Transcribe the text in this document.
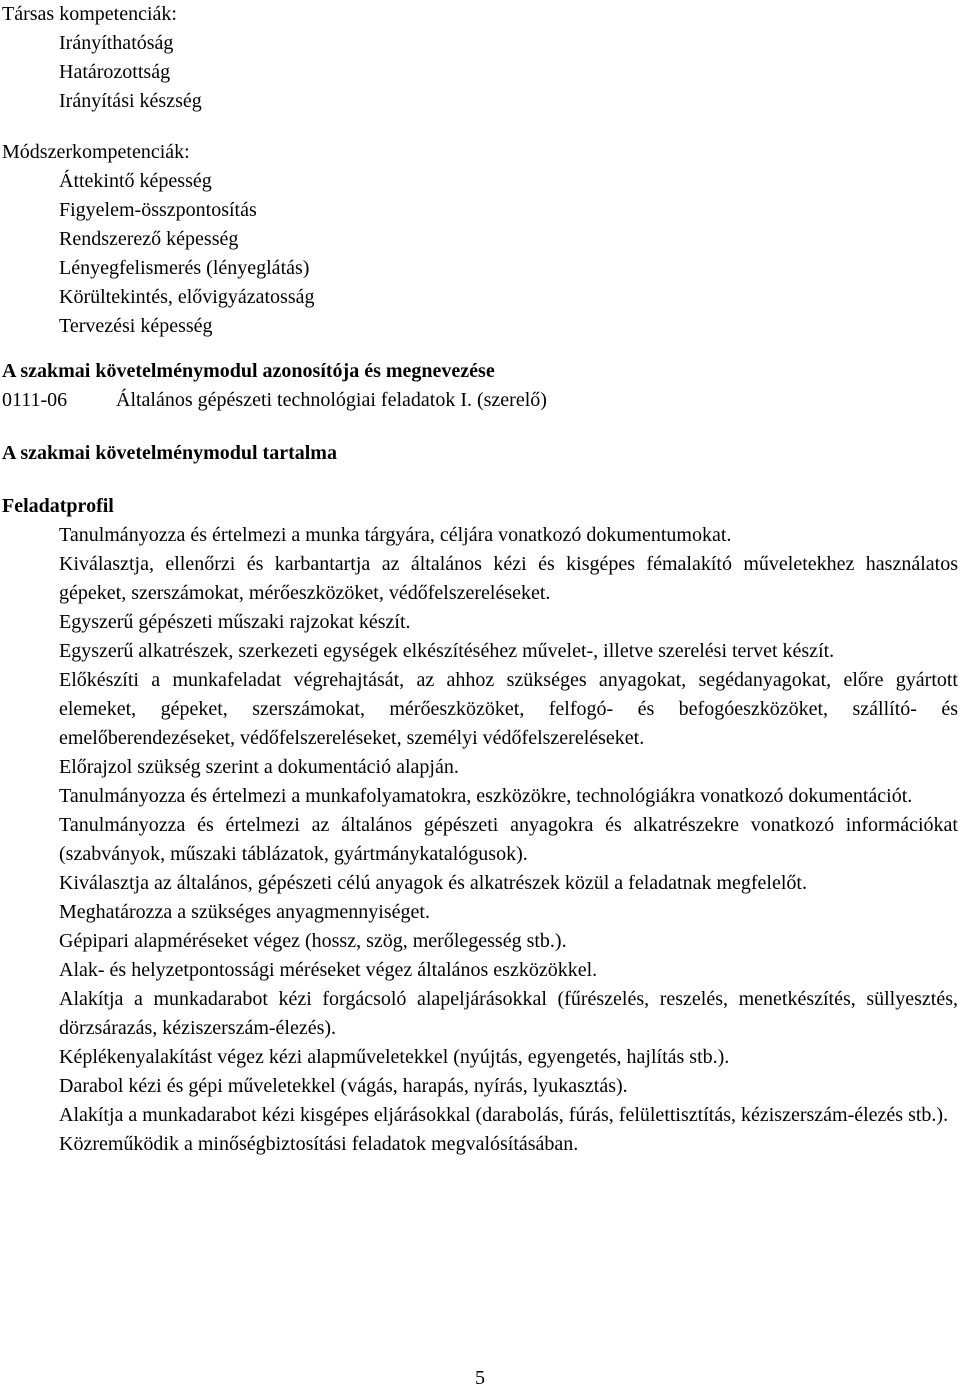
Társas kompetenciák:

Irányíthatóság
Határozottság
Irányítási készség

Módszerkompetenciák:

Áttekintő képesség
Figyelem-összpontosítás
Rendszerező képesség
Lényegfelismerés (lényeglátás)
Körültekintés, elővigyázatosság
Tervezési képesség

A szakmai követelménymodul azonosítója és megnevezése

0111-06	Általános gépészeti technológiai feladatok I. (szerelő)

A szakmai követelménymodul tartalma

Feladatprofil

Tanulmányozza és értelmezi a munka tárgyára, céljára vonatkozó dokumentumokat.
Kiválasztja, ellenőrzi és karbantartja az általános kézi és kisgépes fémalakító műveletekhez használatos gépeket, szerszámokat, mérőeszközöket, védőfelszereléseket.
Egyszerű gépészeti műszaki rajzokat készít.
Egyszerű alkatrészek, szerkezeti egységek elkészítéséhez művelet-, illetve szerelési tervet készít.
Előkészíti a munkafeladat végrehajtását, az ahhoz szükséges anyagokat, segédanyagokat, előre gyártott elemeket, gépeket, szerszámokat, mérőeszközöket, felfogó- és befogóeszközöket, szállító- és emelőberendezéseket, védőfelszereléseket, személyi védőfelszereléseket.
Előrajzol szükség szerint a dokumentáció alapján.
Tanulmányozza és értelmezi a munkafolyamatokra, eszközökre, technológiákra vonatkozó dokumentációt.
Tanulmányozza és értelmezi az általános gépészeti anyagokra és alkatrészekre vonatkozó információkat (szabványok, műszaki táblázatok, gyártmánykatalógusok).
Kiválasztja az általános, gépészeti célú anyagok és alkatrészek közül a feladatnak megfelelőt.
Meghatározza a szükséges anyagmennyiséget.
Gépipari alapméréseket végez (hossz, szög, merőlegesség stb.).
Alak- és helyzetpontossági méréseket végez általános eszközökkel.
Alakítja a munkadarabot kézi forgácsoló alapeljárásokkal (fűrészelés, reszelés, menetkészítés, süllyesztés, dörzsárazás, kéziszerszám-élezés).
Képlékenyalakítást végez kézi alapműveletekkel (nyújtás, egyengetés, hajlítás stb.).
Darabol kézi és gépi műveletekkel (vágás, harapás, nyírás, lyukasztás).
Alakítja a munkadarabot kézi kisgépes eljárásokkal (darabolás, fúrás, felülettisztítás, kéziszerszám-élezés stb.).
Közreműködik a minőségbiztosítási feladatok megvalósításában.
5
